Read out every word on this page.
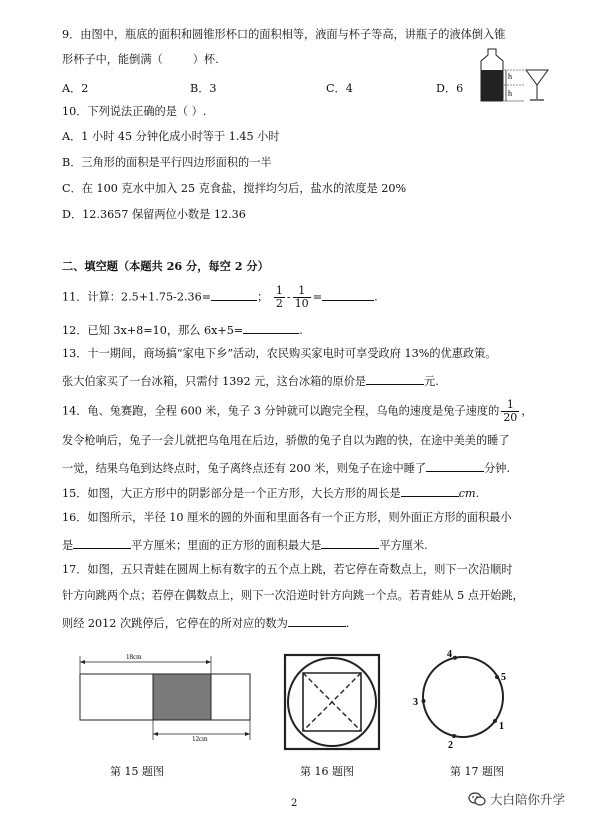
9．由图中，瓶底的面积和圆锥形杯口的面积相等，液面与杯子等高，讲瓶子的液体倒入锥
形杯子中，能倒满（	）杯.
A．2	B．3	C．4	D．6
h
h
10．下列说法正确的是（ ）.
A．1 小时 45 分钟化成小时等于 1.45 小时
B．三角形的面积是平行四边形面积的一半
C．在 100 克水中加入 25 克食盐，搅拌均匀后，盐水的浓度是 20%
D．12.3657 保留两位小数是 12.36
二、填空题（本题共 26 分，每空 2 分）
11．计算：2.5+1.75-2.36=	； $\frac{1}{2} - \frac{1}{10}$ =	.
12．已知 3x+8=10，那么 6x+5=	.
13．十一期间，商场搞“家电下乡”活动，农民购买家电时可享受政府 13%的优惠政策。
张大伯家买了一台冰箱，只需付 1392 元，这台冰箱的原价是	元.
14．龟、兔赛跑，全程 600 米，兔子 3 分钟就可以跑完全程，乌龟的速度是兔子速度的 $\frac{1}{20}$ ，
发令枪响后，兔子一会儿就把乌龟甩在后边，骄傲的兔子自以为跑的快，在途中美美的睡了
一觉，结果乌龟到达终点时，兔子离终点还有 200 米，则兔子在途中睡了	分钟.
15．如图，大正方形中的阴影部分是一个正方形，大长方形的周长是	cm.
16．如图所示，半径 10 厘米的圆的外面和里面各有一个正方形，则外面正方形的面积最小
是	平方厘米；里面的正方形的面积最大是	平方厘米.
17．如图，五只青蛙在圆周上标有数字的五个点上跳，若它停在奇数点上，则下一次沿顺时
针方向跳两个点；若停在偶数点上，则下一次沿逆时针方向跳一个点。若青蛙从 5 点开始跳，
则经 2012 次跳停后，它停在的所对应的数为	.
18cm
12cm
4
5
1
2
3
第 15 题图	第 16 题图	第 17 题图
2	大白陪你升学
